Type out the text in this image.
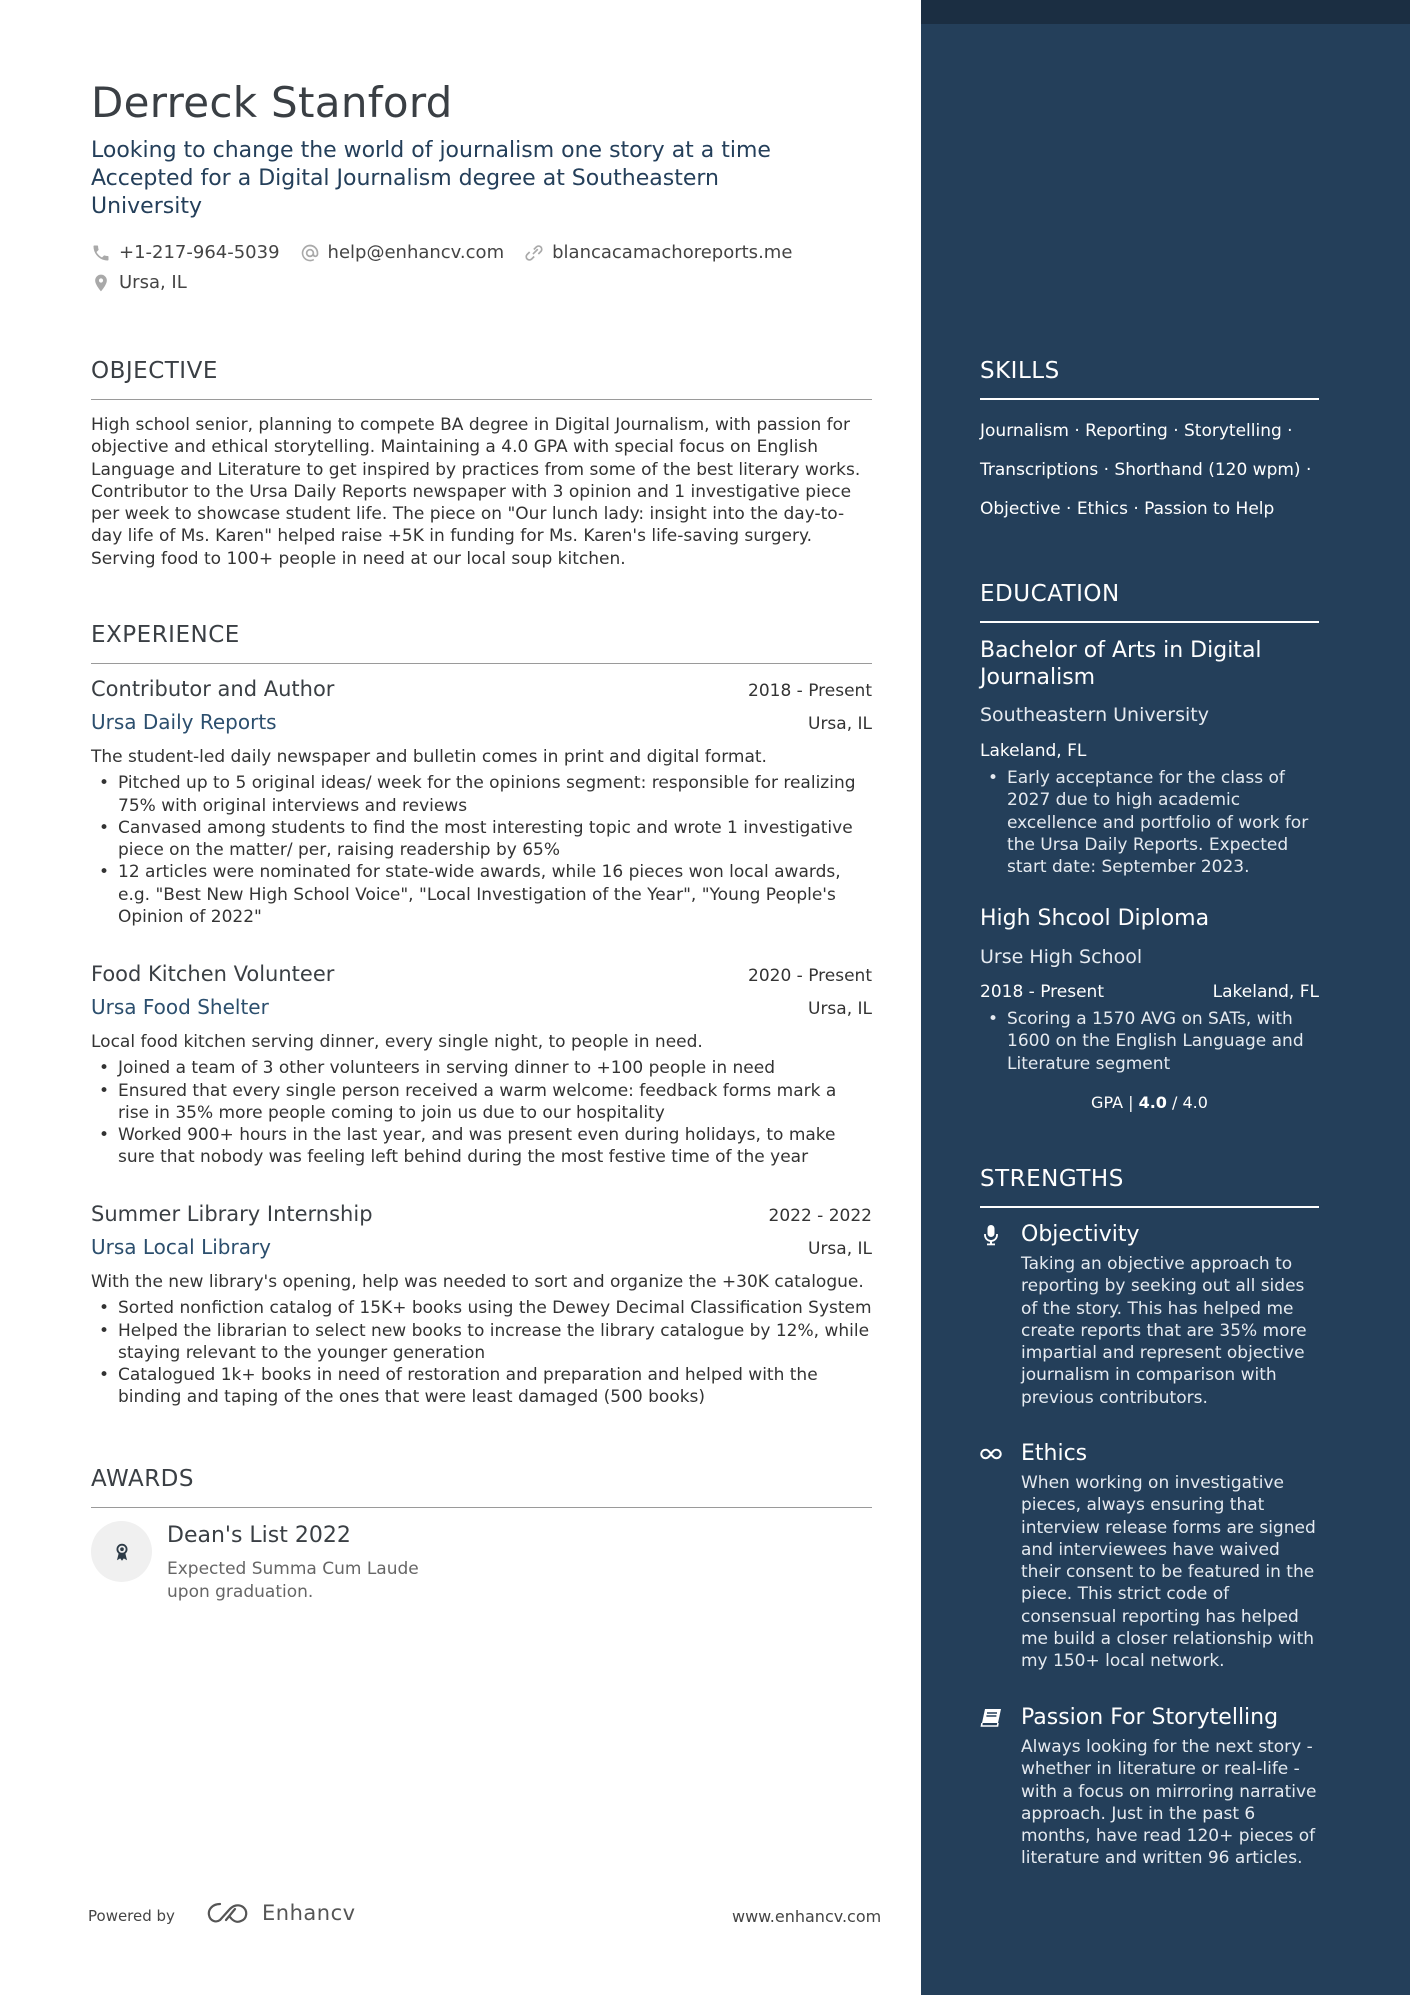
Derreck Stanford
Looking to change the world of journalism one story at a time Accepted for a Digital Journalism degree at Southeastern University
+1-217-964-5039	help@enhancv.com	blancacamachoreports.me
Ursa, IL
OBJECTIVE
High school senior, planning to compete BA degree in Digital Journalism, with passion for objective and ethical storytelling. Maintaining a 4.0 GPA with special focus on English Language and Literature to get inspired by practices from some of the best literary works. Contributor to the Ursa Daily Reports newspaper with 3 opinion and 1 investigative piece per week to showcase student life. The piece on "Our lunch lady: insight into the day-to-day life of Ms. Karen" helped raise +5K in funding for Ms. Karen's life-saving surgery. Serving food to 100+ people in need at our local soup kitchen.
EXPERIENCE
Contributor and Author	2018 - Present
Ursa Daily Reports	Ursa, IL
The student-led daily newspaper and bulletin comes in print and digital format.
• Pitched up to 5 original ideas/ week for the opinions segment: responsible for realizing 75% with original interviews and reviews
• Canvased among students to find the most interesting topic and wrote 1 investigative piece on the matter/ per, raising readership by 65%
• 12 articles were nominated for state-wide awards, while 16 pieces won local awards, e.g. "Best New High School Voice", "Local Investigation of the Year", "Young People's Opinion of 2022"
Food Kitchen Volunteer	2020 - Present
Ursa Food Shelter	Ursa, IL
Local food kitchen serving dinner, every single night, to people in need.
• Joined a team of 3 other volunteers in serving dinner to +100 people in need
• Ensured that every single person received a warm welcome: feedback forms mark a rise in 35% more people coming to join us due to our hospitality
• Worked 900+ hours in the last year, and was present even during holidays, to make sure that nobody was feeling left behind during the most festive time of the year
Summer Library Internship	2022 - 2022
Ursa Local Library	Ursa, IL
With the new library's opening, help was needed to sort and organize the +30K catalogue.
• Sorted nonfiction catalog of 15K+ books using the Dewey Decimal Classification System
• Helped the librarian to select new books to increase the library catalogue by 12%, while staying relevant to the younger generation
• Catalogued 1k+ books in need of restoration and preparation and helped with the binding and taping of the ones that were least damaged (500 books)
AWARDS
Dean's List 2022
Expected Summa Cum Laude upon graduation.
Powered by	Enhancv	www.enhancv.com
SKILLS
Journalism · Reporting · Storytelling ·
Transcriptions · Shorthand (120 wpm) ·
Objective · Ethics · Passion to Help
EDUCATION
Bachelor of Arts in Digital Journalism
Southeastern University
Lakeland, FL
• Early acceptance for the class of 2027 due to high academic excellence and portfolio of work for the Ursa Daily Reports. Expected start date: September 2023.
High Shcool Diploma
Urse High School
2018 - Present	Lakeland, FL
• Scoring a 1570 AVG on SATs, with 1600 on the English Language and Literature segment
GPA | 4.0 / 4.0
STRENGTHS
Objectivity
Taking an objective approach to reporting by seeking out all sides of the story. This has helped me create reports that are 35% more impartial and represent objective journalism in comparison with previous contributors.
Ethics
When working on investigative pieces, always ensuring that interview release forms are signed and interviewees have waived their consent to be featured in the piece. This strict code of consensual reporting has helped me build a closer relationship with my 150+ local network.
Passion For Storytelling
Always looking for the next story - whether in literature or real-life - with a focus on mirroring narrative approach. Just in the past 6 months, have read 120+ pieces of literature and written 96 articles.
